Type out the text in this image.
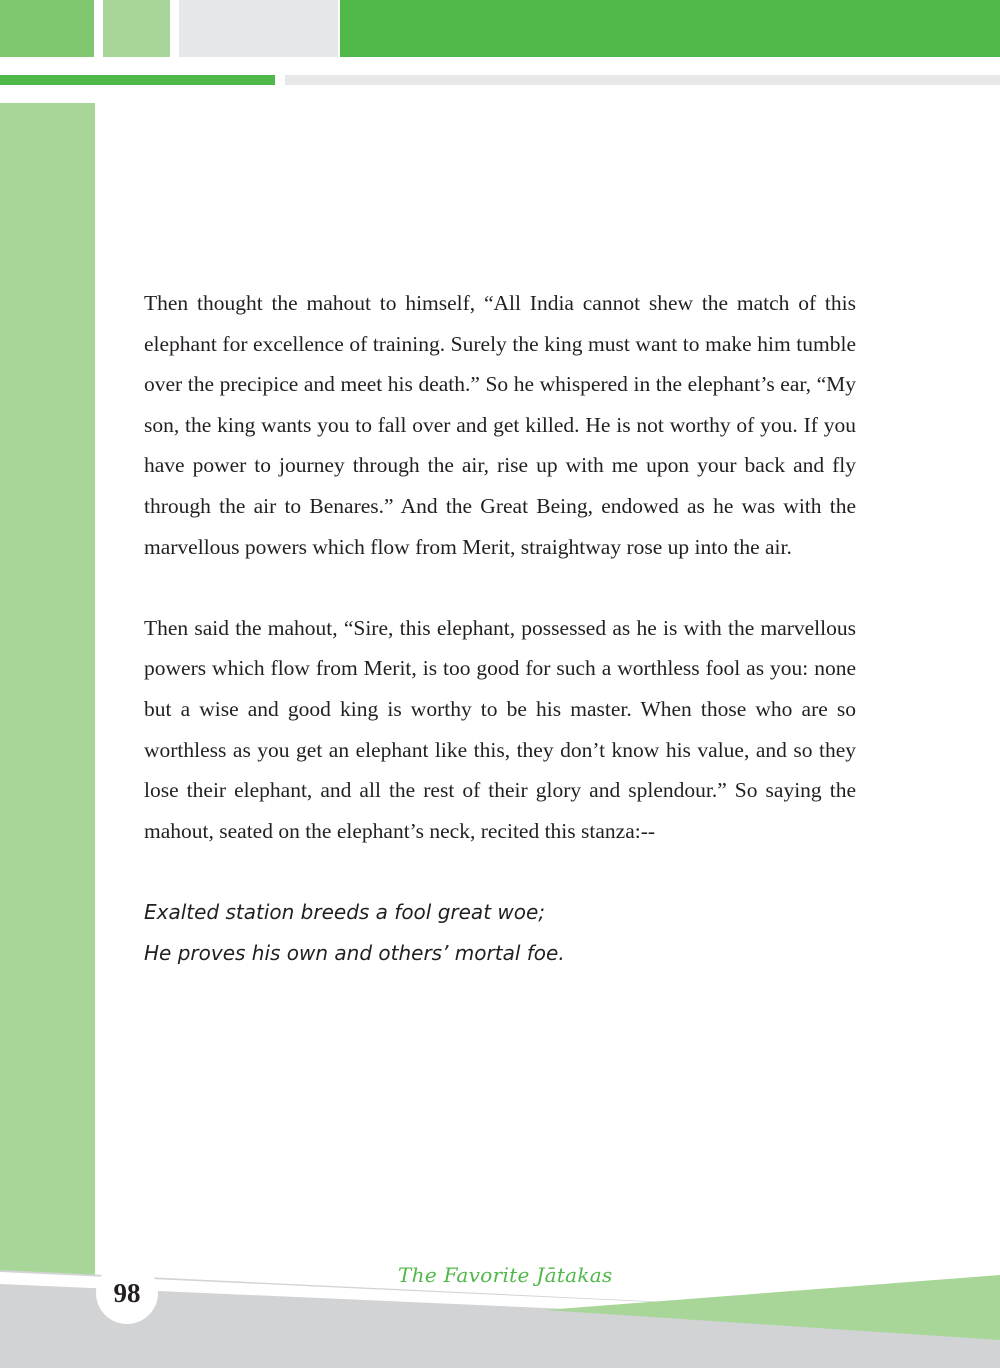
Then thought the mahout to himself, “All India cannot shew the match of this elephant for excellence of training. Surely the king must want to make him tumble over the precipice and meet his death.” So he whispered in the elephant’s ear, “My son, the king wants you to fall over and get killed. He is not worthy of you. If you have power to journey through the air, rise up with me upon your back and fly through the air to Benares.” And the Great Being, endowed as he was with the marvellous powers which flow from Merit, straightway rose up into the air.

Then said the mahout, “Sire, this elephant, possessed as he is with the marvellous powers which flow from Merit, is too good for such a worthless fool as you: none but a wise and good king is worthy to be his master. When those who are so worthless as you get an elephant like this, they don’t know his value, and so they lose their elephant, and all the rest of their glory and splendour.” So saying the mahout, seated on the elephant’s neck, recited this stanza:--

Exalted station breeds a fool great woe;

He proves his own and others’ mortal foe.

98
The Favorite Jātakas
